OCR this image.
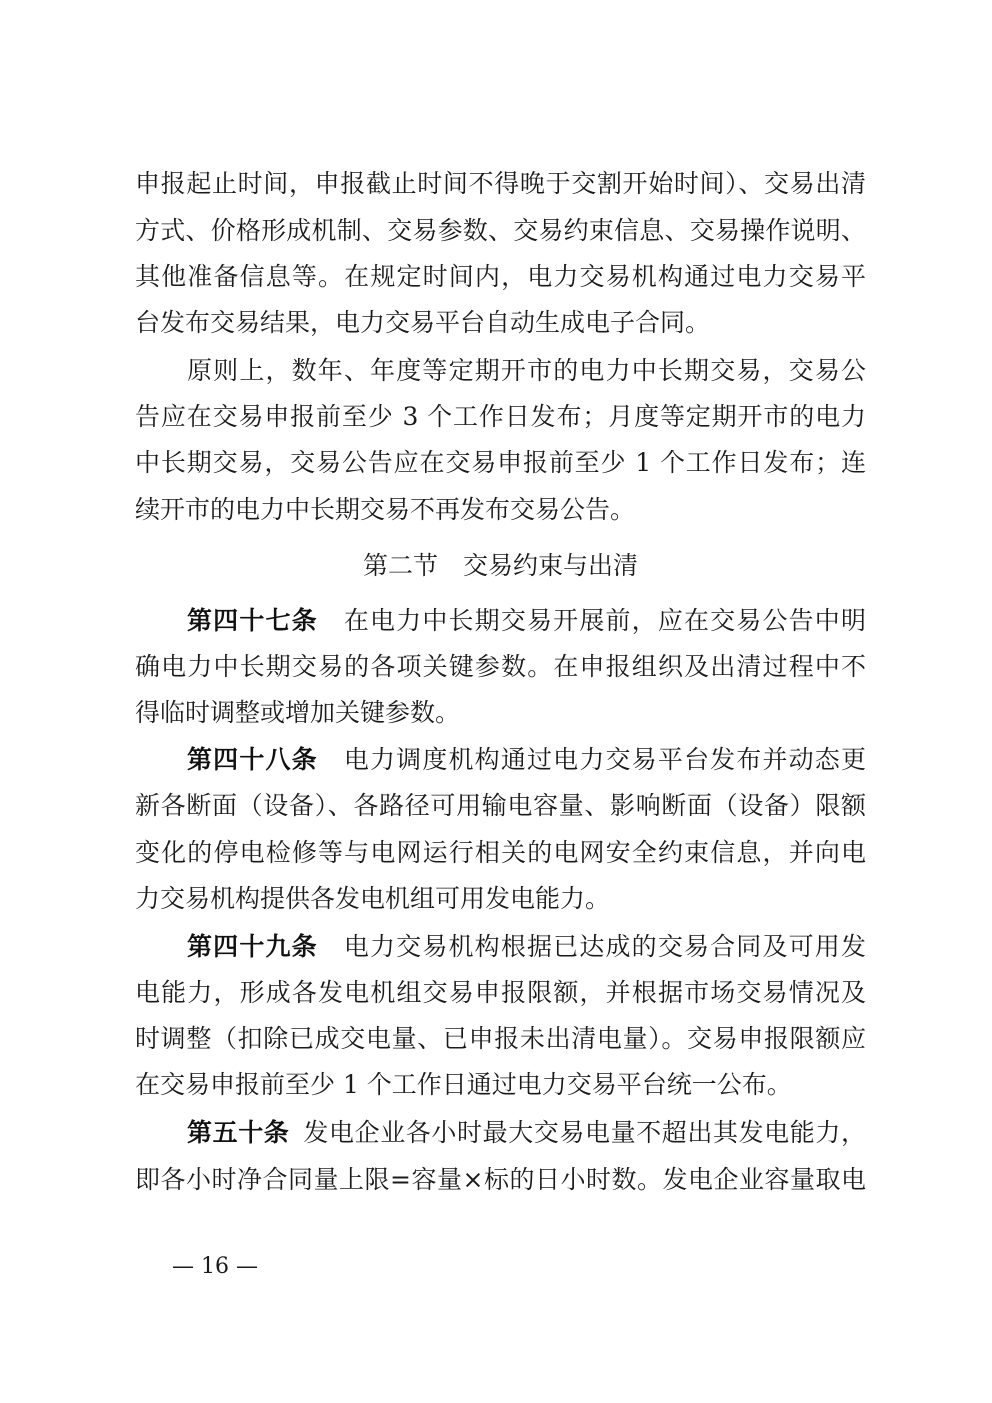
申报起止时间，申报截止时间不得晚于交割开始时间）、交易出清
方式、价格形成机制、交易参数、交易约束信息、交易操作说明、
其他准备信息等。在规定时间内，电力交易机构通过电力交易平
台发布交易结果，电力交易平台自动生成电子合同。
原则上，数年、年度等定期开市的电力中长期交易，交易公
告应在交易申报前至少 3 个工作日发布；月度等定期开市的电力
中长期交易，交易公告应在交易申报前至少 1 个工作日发布；连
续开市的电力中长期交易不再发布交易公告。
第二节　交易约束与出清
第四十七条 在电力中长期交易开展前，应在交易公告中明
确电力中长期交易的各项关键参数。在申报组织及出清过程中不
得临时调整或增加关键参数。
第四十八条 电力调度机构通过电力交易平台发布并动态更
新各断面（设备）、各路径可用输电容量、影响断面（设备）限额
变化的停电检修等与电网运行相关的电网安全约束信息，并向电
力交易机构提供各发电机组可用发电能力。
第四十九条 电力交易机构根据已达成的交易合同及可用发
电能力，形成各发电机组交易申报限额，并根据市场交易情况及
时调整（扣除已成交电量、已申报未出清电量）。交易申报限额应
在交易申报前至少 1 个工作日通过电力交易平台统一公布。
第五十条 发电企业各小时最大交易电量不超出其发电能力，
即各小时净合同量上限=容量×标的日小时数。发电企业容量取电
— 16 —
